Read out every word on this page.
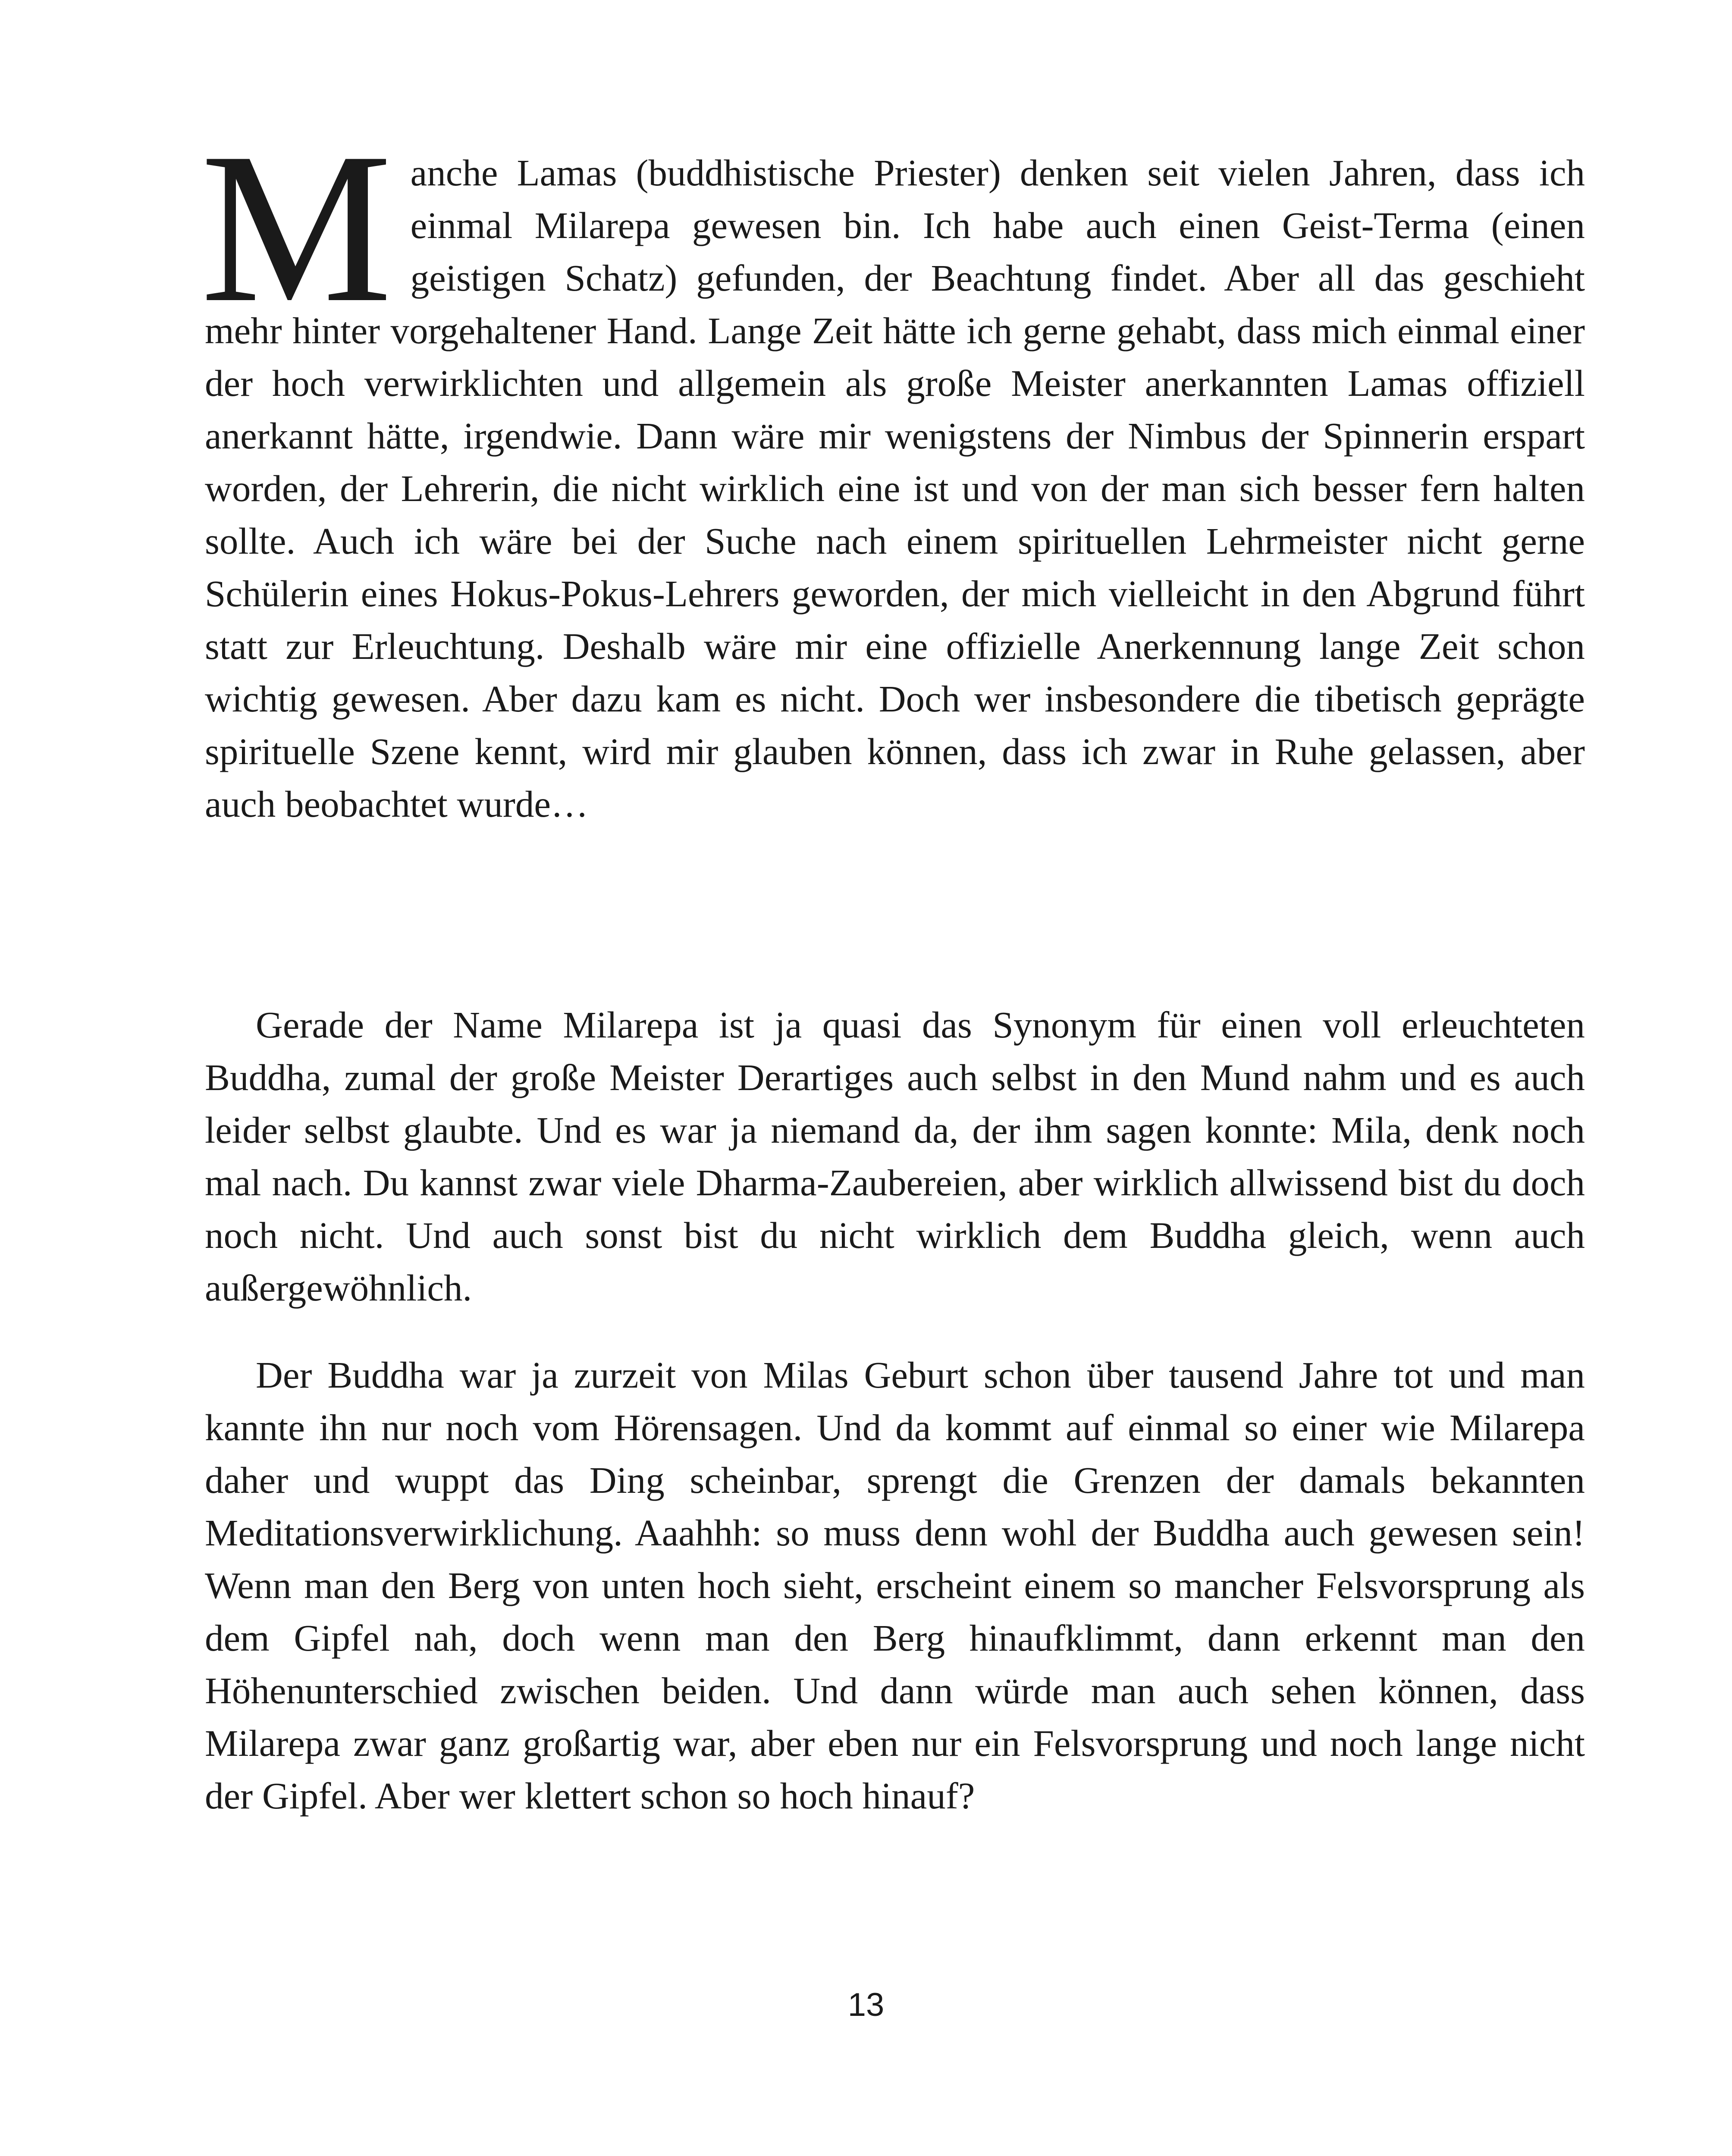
Manche Lamas (buddhistische Priester) denken seit vielen Jahren, dass ich einmal Milarepa gewesen bin. Ich habe auch einen Geist-Terma (einen geistigen Schatz) gefunden, der Beachtung findet. Aber all das geschieht mehr hinter vorgehaltener Hand. Lange Zeit hätte ich gerne gehabt, dass mich einmal einer der hoch verwirklichten und allgemein als große Meister anerkannten Lamas offiziell anerkannt hätte, irgendwie. Dann wäre mir wenigstens der Nimbus der Spinnerin erspart worden, der Lehrerin, die nicht wirklich eine ist und von der man sich besser fern halten sollte. Auch ich wäre bei der Suche nach einem spirituellen Lehrmeister nicht gerne Schülerin eines Hokus-Pokus-Lehrers geworden, der mich vielleicht in den Abgrund führt statt zur Erleuchtung. Deshalb wäre mir eine offizielle Anerkennung lange Zeit schon wichtig gewesen. Aber dazu kam es nicht. Doch wer insbesondere die tibetisch geprägte spirituelle Szene kennt, wird mir glauben können, dass ich zwar in Ruhe gelassen, aber auch beobachtet wurde…

Gerade der Name Milarepa ist ja quasi das Synonym für einen voll erleuchteten Buddha, zumal der große Meister Derartiges auch selbst in den Mund nahm und es auch leider selbst glaubte. Und es war ja niemand da, der ihm sagen konnte: Mila, denk noch mal nach. Du kannst zwar viele Dharma-Zaubereien, aber wirklich allwissend bist du doch noch nicht. Und auch sonst bist du nicht wirklich dem Buddha gleich, wenn auch außergewöhnlich.

Der Buddha war ja zurzeit von Milas Geburt schon über tausend Jahre tot und man kannte ihn nur noch vom Hörensagen. Und da kommt auf einmal so einer wie Milarepa daher und wuppt das Ding scheinbar, sprengt die Grenzen der damals bekannten Meditationsverwirklichung. Aaahhh: so muss denn wohl der Buddha auch gewesen sein! Wenn man den Berg von unten hoch sieht, erscheint einem so mancher Felsvorsprung als dem Gipfel nah, doch wenn man den Berg hinaufklimmt, dann erkennt man den Höhenunterschied zwischen beiden. Und dann würde man auch sehen können, dass Milarepa zwar ganz großartig war, aber eben nur ein Felsvorsprung und noch lange nicht der Gipfel. Aber wer klettert schon so hoch hinauf?

13
